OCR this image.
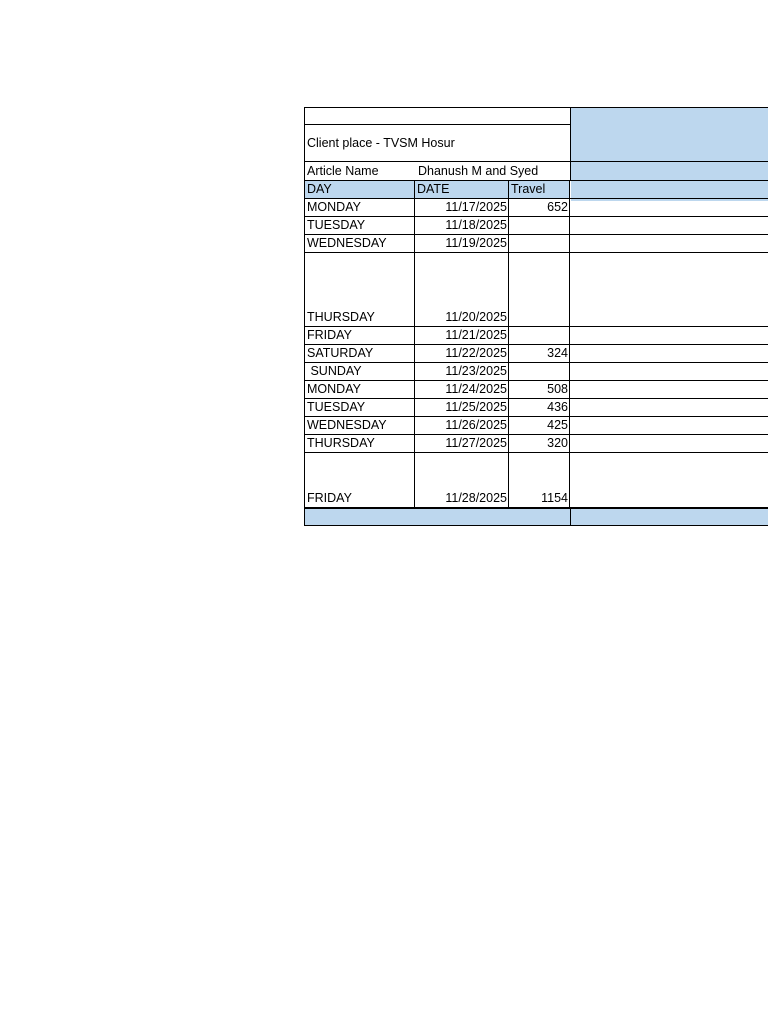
Client place - TVSM Hosur
Article Name	Dhanush M and Syed
DAY	DATE	Travel
MONDAY	11/17/2025	652
TUESDAY	11/18/2025
WEDNESDAY	11/19/2025
THURSDAY	11/20/2025
FRIDAY	11/21/2025
SATURDAY	11/22/2025	324
SUNDAY	11/23/2025
MONDAY	11/24/2025	508
TUESDAY	11/25/2025	436
WEDNESDAY	11/26/2025	425
THURSDAY	11/27/2025	320
FRIDAY	11/28/2025	1154
